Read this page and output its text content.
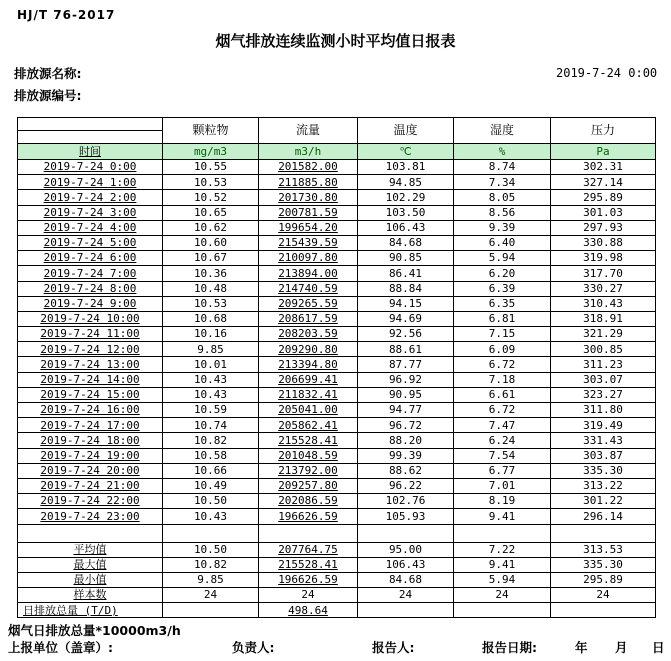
HJ/T 76-2017
烟气排放连续监测小时平均值日报表
排放源名称:
排放源编号:
2019-7-24 0:00
	颗粒物	流量	温度	湿度	压力

时间	mg/m3	m3/h	℃	%	Pa
2019-7-24 0:00	10.55	201582.00	103.81	8.74	302.31
2019-7-24 1:00	10.53	211885.80	94.85	7.34	327.14
2019-7-24 2:00	10.52	201730.80	102.29	8.05	295.89
2019-7-24 3:00	10.65	200781.59	103.50	8.56	301.03
2019-7-24 4:00	10.62	199654.20	106.43	9.39	297.93
2019-7-24 5:00	10.60	215439.59	84.68	6.40	330.88
2019-7-24 6:00	10.67	210097.80	90.85	5.94	319.98
2019-7-24 7:00	10.36	213894.00	86.41	6.20	317.70
2019-7-24 8:00	10.48	214740.59	88.84	6.39	330.27
2019-7-24 9:00	10.53	209265.59	94.15	6.35	310.43
2019-7-24 10:00	10.68	208617.59	94.69	6.81	318.91
2019-7-24 11:00	10.16	208203.59	92.56	7.15	321.29
2019-7-24 12:00	9.85	209290.80	88.61	6.09	300.85
2019-7-24 13:00	10.01	213394.80	87.77	6.72	311.23
2019-7-24 14:00	10.43	206699.41	96.92	7.18	303.07
2019-7-24 15:00	10.43	211832.41	90.95	6.61	323.27
2019-7-24 16:00	10.59	205041.00	94.77	6.72	311.80
2019-7-24 17:00	10.74	205862.41	96.72	7.47	319.49
2019-7-24 18:00	10.82	215528.41	88.20	6.24	331.43
2019-7-24 19:00	10.58	201048.59	99.39	7.54	303.87
2019-7-24 20:00	10.66	213792.00	88.62	6.77	335.30
2019-7-24 21:00	10.49	209257.80	96.22	7.01	313.22
2019-7-24 22:00	10.50	202086.59	102.76	8.19	301.22
2019-7-24 23:00	10.43	196626.59	105.93	9.41	296.14

平均值	10.50	207764.75	95.00	7.22	313.53
最大值	10.82	215528.41	106.43	9.41	335.30
最小值	9.85	196626.59	84.68	5.94	295.89
样本数	24	24	24	24	24
日排放总量 (T/D)		498.64			
烟气日排放总量*10000m3/h
上报单位（盖章）:	负责人:	报告人:	报告日期:	年 月 日
